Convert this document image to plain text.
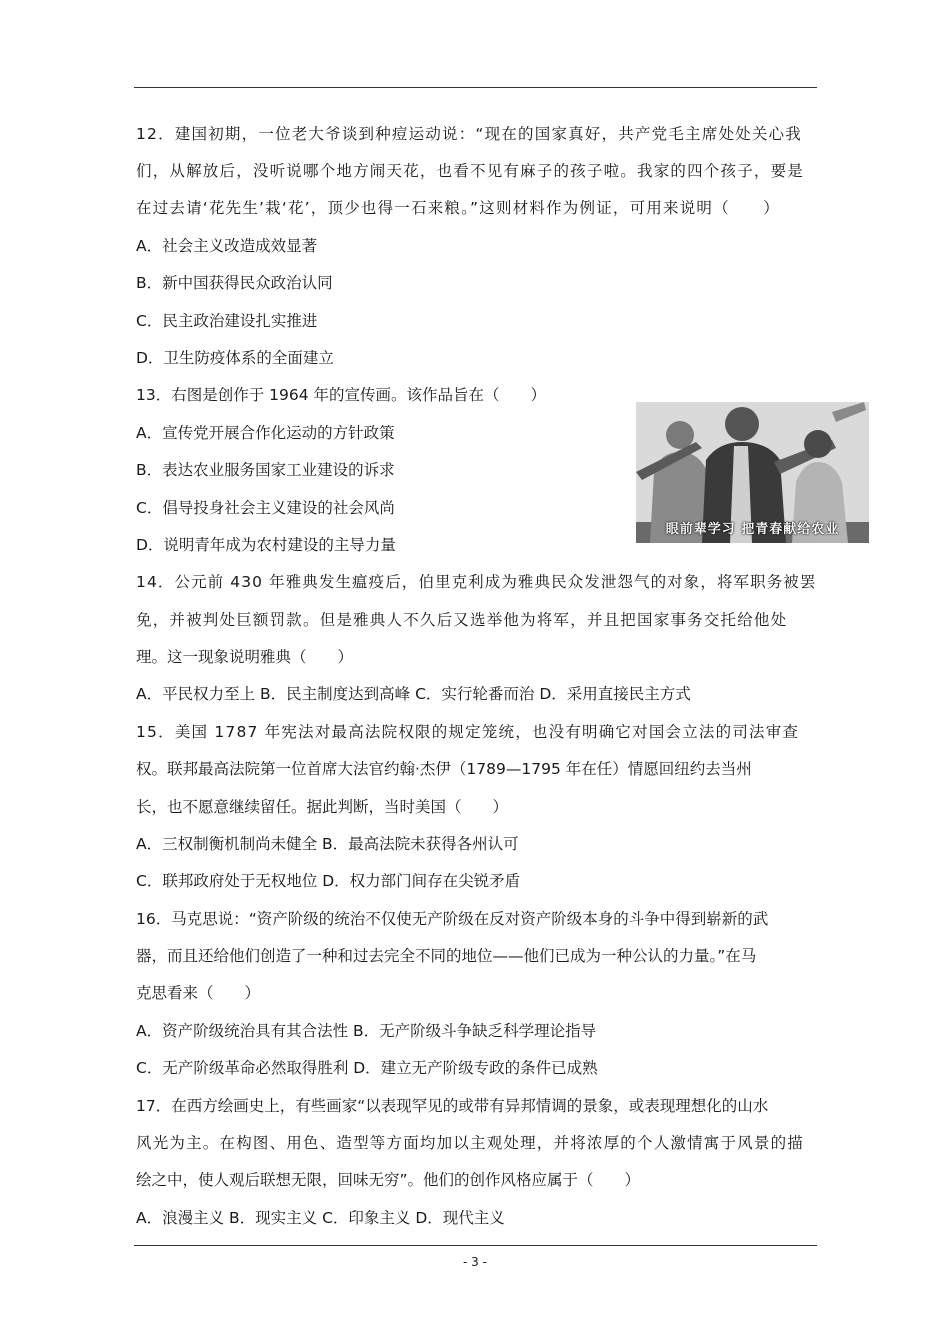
12．建国初期，一位老大爷谈到种痘运动说：“现在的国家真好，共产党毛主席处处关心我
们，从解放后，没听说哪个地方闹天花，也看不见有麻子的孩子啦。我家的四个孩子，要是
在过去请‘花先生’栽‘花’，顶少也得一石来粮。”这则材料作为例证，可用来说明（　　）
A．社会主义改造成效显著
B．新中国获得民众政治认同
C．民主政治建设扎实推进
D．卫生防疫体系的全面建立
13．右图是创作于 1964 年的宣传画。该作品旨在（　　）
A．宣传党开展合作化运动的方针政策
B．表达农业服务国家工业建设的诉求
C．倡导投身社会主义建设的社会风尚
D．说明青年成为农村建设的主导力量
眼前辈学习 把青春献给农业
14．公元前 430 年雅典发生瘟疫后，伯里克利成为雅典民众发泄怨气的对象，将军职务被罢
免，并被判处巨额罚款。但是雅典人不久后又选举他为将军，并且把国家事务交托给他处
理。这一现象说明雅典（　　）
A．平民权力至上 B．民主制度达到高峰 C．实行轮番而治 D．采用直接民主方式
15．美国 1787 年宪法对最高法院权限的规定笼统，也没有明确它对国会立法的司法审查
权。联邦最高法院第一位首席大法官约翰·杰伊（1789—1795 年在任）情愿回纽约去当州
长，也不愿意继续留任。据此判断，当时美国（　　）
A．三权制衡机制尚未健全 B．最高法院未获得各州认可
C．联邦政府处于无权地位 D．权力部门间存在尖锐矛盾
16．马克思说：“资产阶级的统治不仅使无产阶级在反对资产阶级本身的斗争中得到崭新的武
器，而且还给他们创造了一种和过去完全不同的地位——他们已成为一种公认的力量。”在马
克思看来（　　）
A．资产阶级统治具有其合法性 B．无产阶级斗争缺乏科学理论指导
C．无产阶级革命必然取得胜利 D．建立无产阶级专政的条件已成熟
17．在西方绘画史上，有些画家“以表现罕见的或带有异邦情调的景象，或表现理想化的山水
风光为主。在构图、用色、造型等方面均加以主观处理，并将浓厚的个人激情寓于风景的描
绘之中，使人观后联想无限，回味无穷”。他们的创作风格应属于（　　）
A．浪漫主义 B．现实主义 C．印象主义 D．现代主义
- 3 -
